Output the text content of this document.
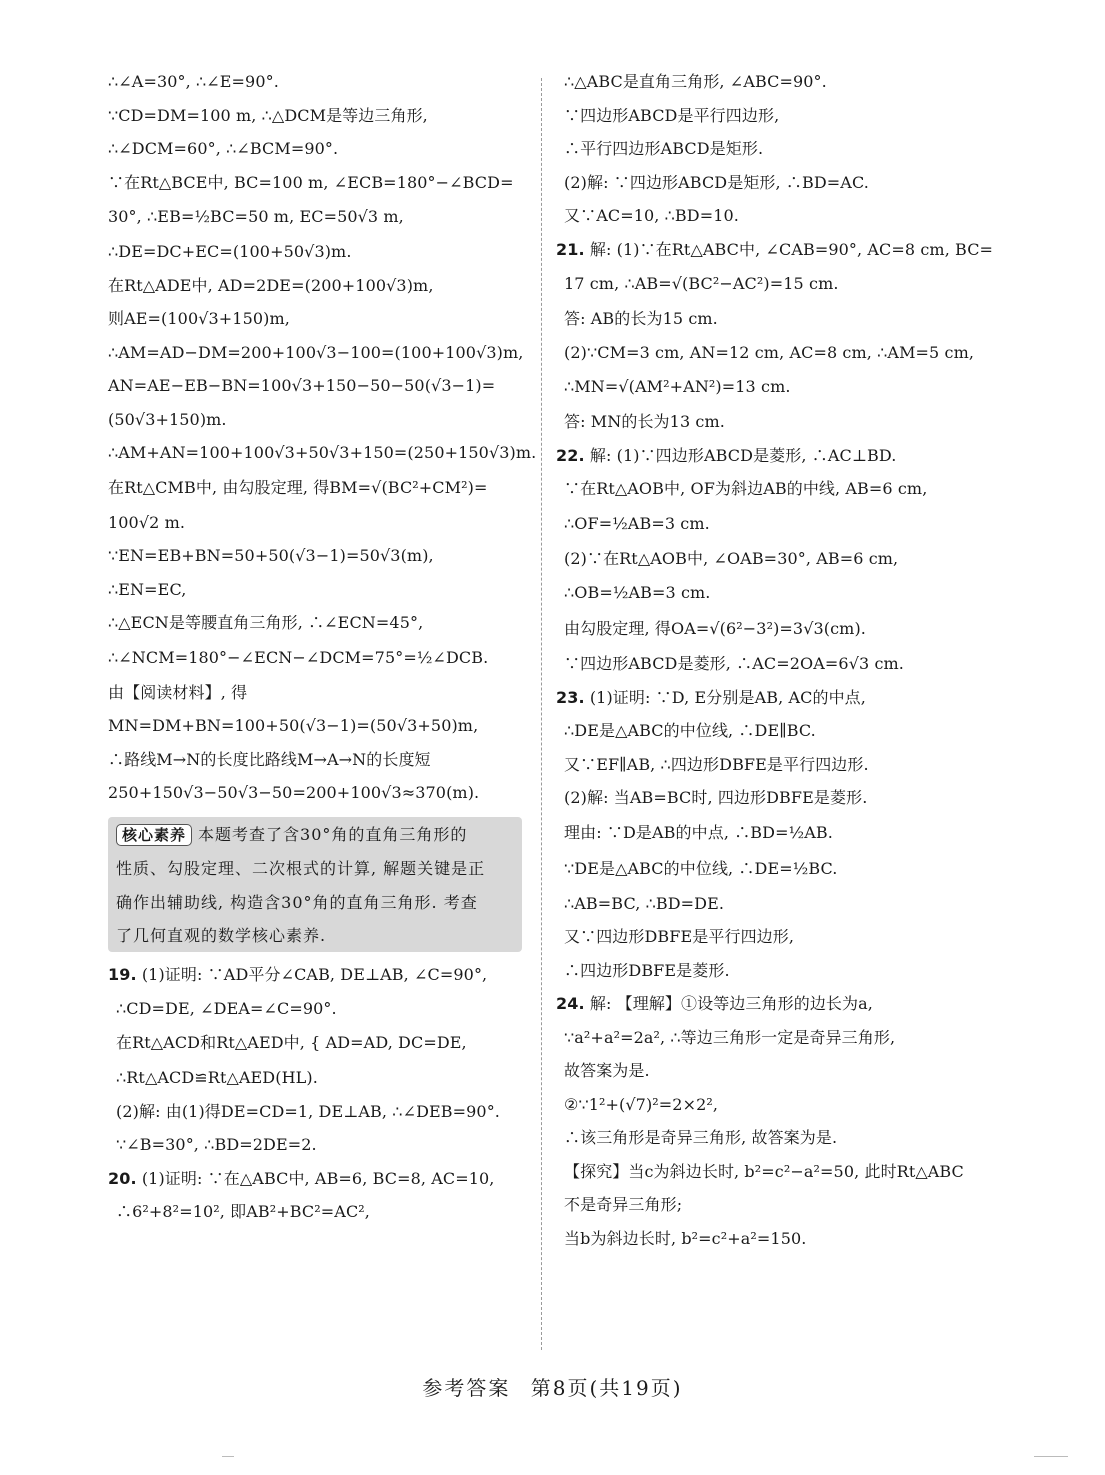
∴∠A=30°, ∴∠E=90°.
∵CD=DM=100 m, ∴△DCM是等边三角形,
∴∠DCM=60°, ∴∠BCM=90°.
∵在Rt△BCE中, BC=100 m, ∠ECB=180°−∠BCD=
30°, ∴EB=½BC=50 m, EC=50√3 m,
∴DE=DC+EC=(100+50√3)m.
在Rt△ADE中, AD=2DE=(200+100√3)m,
则AE=(100√3+150)m,
∴AM=AD−DM=200+100√3−100=(100+100√3)m,
AN=AE−EB−BN=100√3+150−50−50(√3−1)=
(50√3+150)m.
∴AM+AN=100+100√3+50√3+150=(250+150√3)m.
在Rt△CMB中, 由勾股定理, 得BM=√(BC²+CM²)=
100√2 m.
∵EN=EB+BN=50+50(√3−1)=50√3(m),
∴EN=EC,
∴△ECN是等腰直角三角形, ∴∠ECN=45°,
∴∠NCM=180°−∠ECN−∠DCM=75°=½∠DCB.
由【阅读材料】, 得
MN=DM+BN=100+50(√3−1)=(50√3+50)m,
∴路线M→N的长度比路线M→A→N的长度短
250+150√3−50√3−50=200+100√3≈370(m).
核心素养 本题考查了含30°角的直角三角形的
性质、勾股定理、二次根式的计算, 解题关键是正
确作出辅助线, 构造含30°角的直角三角形. 考查
了几何直观的数学核心素养.
19. (1)证明: ∵AD平分∠CAB, DE⊥AB, ∠C=90°,
∴CD=DE, ∠DEA=∠C=90°.
在Rt△ACD和Rt△AED中, { AD=AD, DC=DE,
∴Rt△ACD≌Rt△AED(HL).
(2)解: 由(1)得DE=CD=1, DE⊥AB, ∴∠DEB=90°.
∵∠B=30°, ∴BD=2DE=2.
20. (1)证明: ∵在△ABC中, AB=6, BC=8, AC=10,
∴6²+8²=10², 即AB²+BC²=AC²,
∴△ABC是直角三角形, ∠ABC=90°.
∵四边形ABCD是平行四边形,
∴平行四边形ABCD是矩形.
(2)解: ∵四边形ABCD是矩形, ∴BD=AC.
又∵AC=10, ∴BD=10.
21. 解: (1)∵在Rt△ABC中, ∠CAB=90°, AC=8 cm, BC=
17 cm, ∴AB=√(BC²−AC²)=15 cm.
答: AB的长为15 cm.
(2)∵CM=3 cm, AN=12 cm, AC=8 cm, ∴AM=5 cm,
∴MN=√(AM²+AN²)=13 cm.
答: MN的长为13 cm.
22. 解: (1)∵四边形ABCD是菱形, ∴AC⊥BD.
∵在Rt△AOB中, OF为斜边AB的中线, AB=6 cm,
∴OF=½AB=3 cm.
(2)∵在Rt△AOB中, ∠OAB=30°, AB=6 cm,
∴OB=½AB=3 cm.
由勾股定理, 得OA=√(6²−3²)=3√3(cm).
∵四边形ABCD是菱形, ∴AC=2OA=6√3 cm.
23. (1)证明: ∵D, E分别是AB, AC的中点,
∴DE是△ABC的中位线, ∴DE∥BC.
又∵EF∥AB, ∴四边形DBFE是平行四边形.
(2)解: 当AB=BC时, 四边形DBFE是菱形.
理由: ∵D是AB的中点, ∴BD=½AB.
∵DE是△ABC的中位线, ∴DE=½BC.
∴AB=BC, ∴BD=DE.
又∵四边形DBFE是平行四边形,
∴四边形DBFE是菱形.
24. 解: 【理解】①设等边三角形的边长为a,
∵a²+a²=2a², ∴等边三角形一定是奇异三角形,
故答案为是.
②∵1²+(√7)²=2×2²,
∴该三角形是奇异三角形, 故答案为是.
【探究】当c为斜边长时, b²=c²−a²=50, 此时Rt△ABC
不是奇异三角形;
当b为斜边长时, b²=c²+a²=150.
参考答案 第8页(共19页)
